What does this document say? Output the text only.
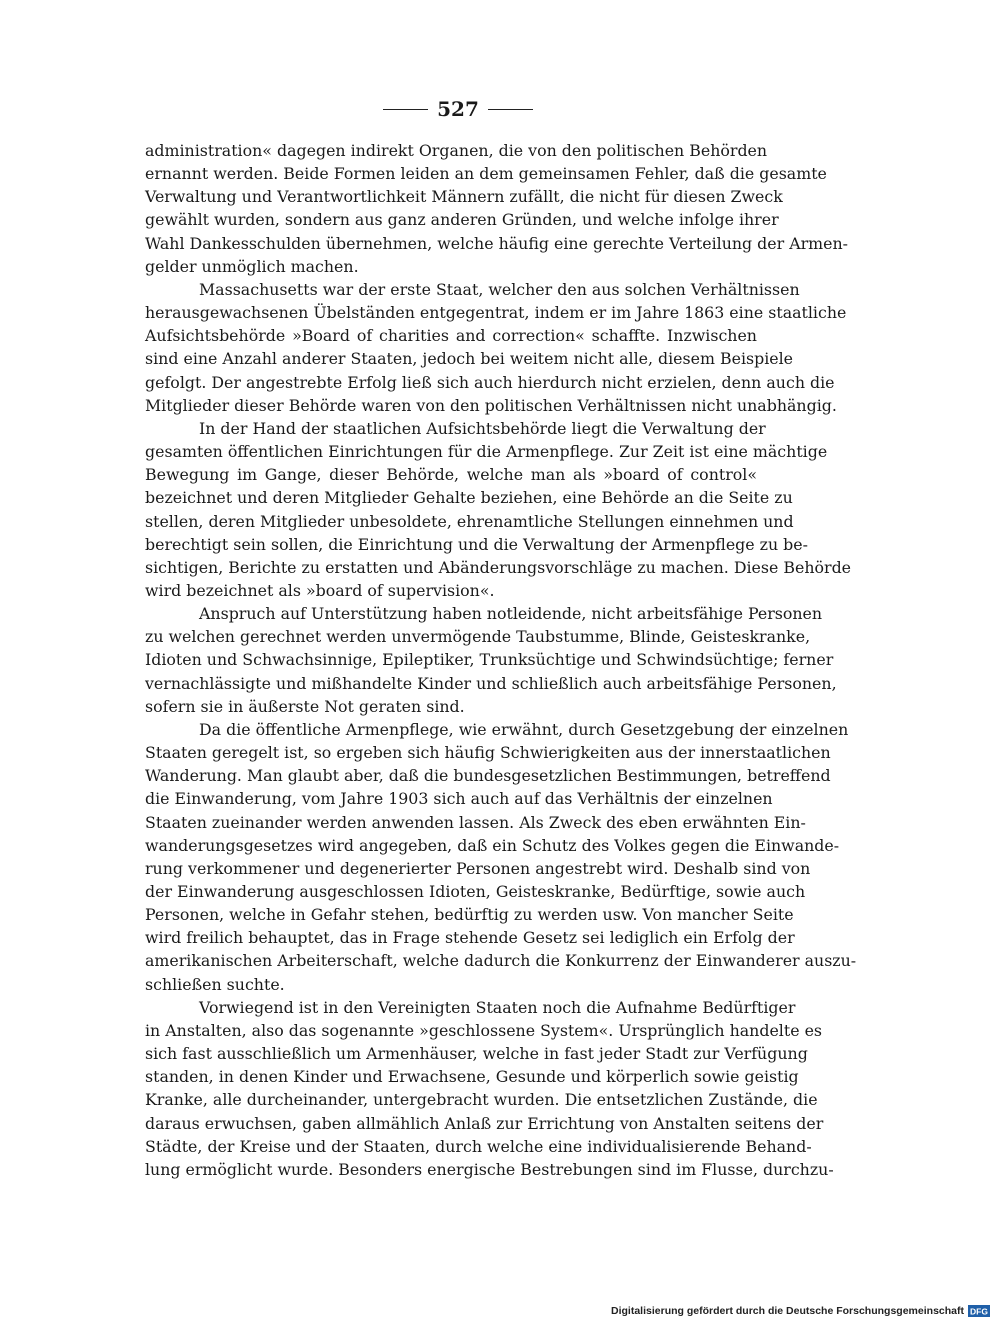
527
administration« dagegen indirekt Organen, die von den politischen Behörden
ernannt werden. Beide Formen leiden an dem gemeinsamen Fehler, daß die gesamte
Verwaltung und Verantwortlichkeit Männern zufällt, die nicht für diesen Zweck
gewählt wurden, sondern aus ganz anderen Gründen, und welche infolge ihrer
Wahl Dankesschulden übernehmen, welche häufig eine gerechte Verteilung der Armen-
gelder unmöglich machen.
Massachusetts war der erste Staat, welcher den aus solchen Verhältnissen
herausgewachsenen Übelständen entgegentrat, indem er im Jahre 1863 eine staatliche
Aufsichtsbehörde »Board of charities and correction« schaffte. Inzwischen
sind eine Anzahl anderer Staaten, jedoch bei weitem nicht alle, diesem Beispiele
gefolgt. Der angestrebte Erfolg ließ sich auch hierdurch nicht erzielen, denn auch die
Mitglieder dieser Behörde waren von den politischen Verhältnissen nicht unabhängig.
In der Hand der staatlichen Aufsichtsbehörde liegt die Verwaltung der
gesamten öffentlichen Einrichtungen für die Armenpflege. Zur Zeit ist eine mächtige
Bewegung im Gange, dieser Behörde, welche man als »board of control«
bezeichnet und deren Mitglieder Gehalte beziehen, eine Behörde an die Seite zu
stellen, deren Mitglieder unbesoldete, ehrenamtliche Stellungen einnehmen und
berechtigt sein sollen, die Einrichtung und die Verwaltung der Armenpflege zu be-
sichtigen, Berichte zu erstatten und Abänderungsvorschläge zu machen. Diese Behörde
wird bezeichnet als »board of supervision«.
Anspruch auf Unterstützung haben notleidende, nicht arbeitsfähige Personen
zu welchen gerechnet werden unvermögende Taubstumme, Blinde, Geisteskranke,
Idioten und Schwachsinnige, Epileptiker, Trunksüchtige und Schwindsüchtige; ferner
vernachlässigte und mißhandelte Kinder und schließlich auch arbeitsfähige Personen,
sofern sie in äußerste Not geraten sind.
Da die öffentliche Armenpflege, wie erwähnt, durch Gesetzgebung der einzelnen
Staaten geregelt ist, so ergeben sich häufig Schwierigkeiten aus der innerstaatlichen
Wanderung. Man glaubt aber, daß die bundesgesetzlichen Bestimmungen, betreffend
die Einwanderung, vom Jahre 1903 sich auch auf das Verhältnis der einzelnen
Staaten zueinander werden anwenden lassen. Als Zweck des eben erwähnten Ein-
wanderungsgesetzes wird angegeben, daß ein Schutz des Volkes gegen die Einwande-
rung verkommener und degenerierter Personen angestrebt wird. Deshalb sind von
der Einwanderung ausgeschlossen Idioten, Geisteskranke, Bedürftige, sowie auch
Personen, welche in Gefahr stehen, bedürftig zu werden usw. Von mancher Seite
wird freilich behauptet, das in Frage stehende Gesetz sei lediglich ein Erfolg der
amerikanischen Arbeiterschaft, welche dadurch die Konkurrenz der Einwanderer auszu-
schließen suchte.
Vorwiegend ist in den Vereinigten Staaten noch die Aufnahme Bedürftiger
in Anstalten, also das sogenannte »geschlossene System«. Ursprünglich handelte es
sich fast ausschließlich um Armenhäuser, welche in fast jeder Stadt zur Verfügung
standen, in denen Kinder und Erwachsene, Gesunde und körperlich sowie geistig
Kranke, alle durcheinander, untergebracht wurden. Die entsetzlichen Zustände, die
daraus erwuchsen, gaben allmählich Anlaß zur Errichtung von Anstalten seitens der
Städte, der Kreise und der Staaten, durch welche eine individualisierende Behand-
lung ermöglicht wurde. Besonders energische Bestrebungen sind im Flusse, durchzu-
Digitalisierung gefördert durch die Deutsche Forschungsgemeinschaft DFG
